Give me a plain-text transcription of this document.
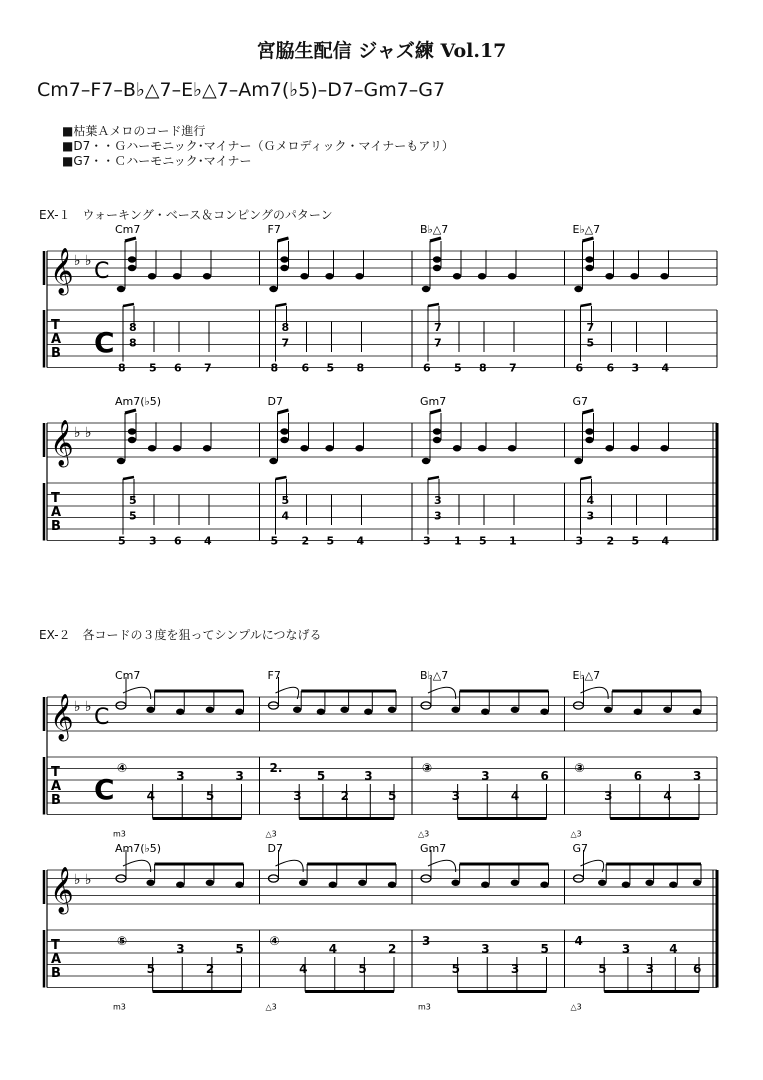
宮脇生配信 ジャズ練 Vol.17
Cm7–F7–B♭△7–E♭△7–Am7(♭5)–D7–Gm7–G7
■枯葉Ａメロのコード進行
■D7・・Ｇハーモニック･マイナー（Ｇメロディック・マイナーもアリ）
■G7・・Ｃハーモニック･マイナー
EX-１　ウォーキング・ベース＆コンピングのパターン
EX-２　各コードの３度を狙ってシンプルにつなげる
𝄞 ♭ ♭ C
C
T
A
B
Cm7	F7	B♭△7	E♭△7
8
8
8
5 6 7	8
8
7
6 5 8	6
7
7
5 8 7	6
7
5
6 3 4
𝄞 ♭ ♭
T
A
B
Am7(♭5)	D7	Gm7	G7
5
5
5
3 6 4	5
5
4
2 5 4	3
3
3
1 5 1	3
4
3
2 5 4
𝄞 ♭ ♭ C
C
T
A
B
Cm7	F7	B♭△7	E♭△7
④
4
3
5
3
m3
2.
3
5
2
3
5
△3
③
3
3
4
6
△3
③
3
6
4
3
△3
𝄞 ♭ ♭
T
A
B
Am7(♭5)	D7	Gm7	G7
⑤
5
3
2
5
m3
④
4
4
5
2
△3
3
5
3
3
5
m3
4
5
3
3
4
6
△3
